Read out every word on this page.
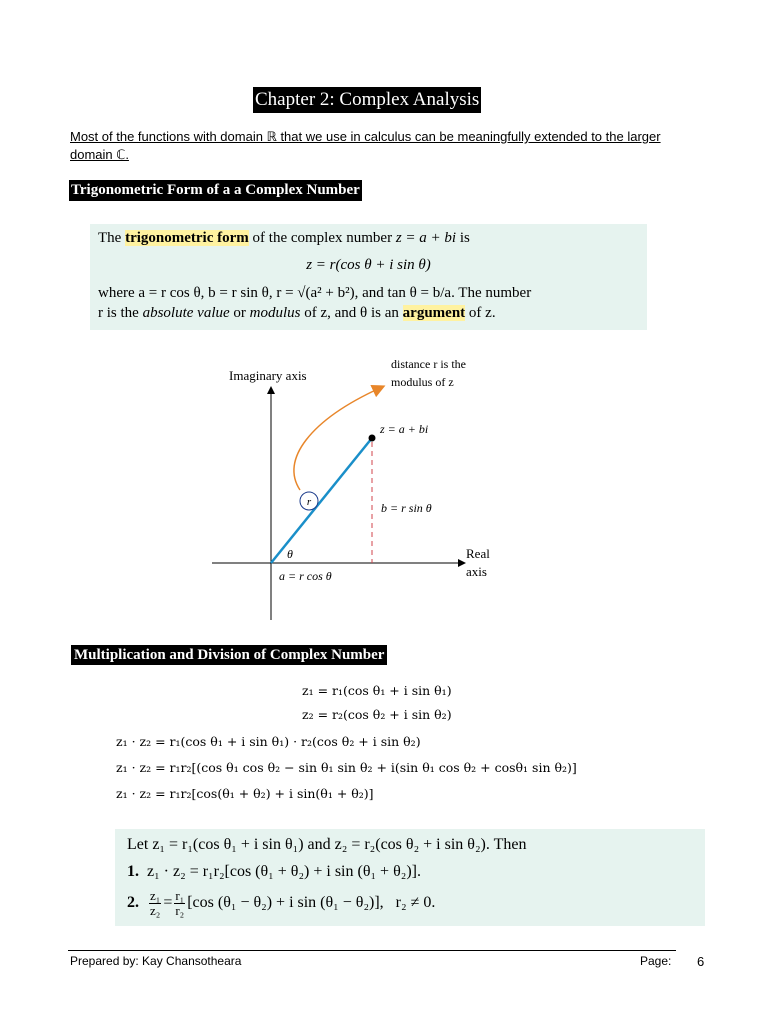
Chapter 2: Complex Analysis
Most of the functions with domain ℝ that we use in calculus can be meaningfully extended to the larger domain ℂ.
Trigonometric Form of a a Complex Number
The trigonometric form of the complex number z = a + bi is
z = r(cos θ + i sin θ)
where a = r cos θ, b = r sin θ, r = √(a² + b²), and tan θ = b/a. The number
r is the absolute value or modulus of z, and θ is an argument of z.
r
Imaginary axis
Real
axis
distance r is the
modulus of z
z = a + bi
b = r sin θ
a = r cos θ
θ
Multiplication and Division of Complex Number
z₁ = r₁(cos θ₁ + i sin θ₁)
z₂ = r₂(cos θ₂ + i sin θ₂)
z₁ · z₂ = r₁(cos θ₁ + i sin θ₁) · r₂(cos θ₂ + i sin θ₂)
z₁ · z₂ = r₁r₂[(cos θ₁ cos θ₂ − sin θ₁ sin θ₂ + i(sin θ₁ cos θ₂ + cosθ₁ sin θ₂)]
z₁ · z₂ = r₁r₂[cos(θ₁ + θ₂) + i sin(θ₁ + θ₂)]
Let z₁ = r₁(cos θ₁ + i sin θ₁) and z₂ = r₂(cos θ₂ + i sin θ₂). Then
1. z₁ · z₂ = r₁r₂[cos (θ₁ + θ₂) + i sin (θ₁ + θ₂)].
2. $\frac{\text{z₁}}{\text{z₂}} = \frac{\text{r₁}}{\text{r₂}} [\cos$ (θ₁ − θ₂) + i sin (θ₁ − θ₂)],   r₂ ≠ 0.
Prepared by: Kay Chansotheara	Page: 6
